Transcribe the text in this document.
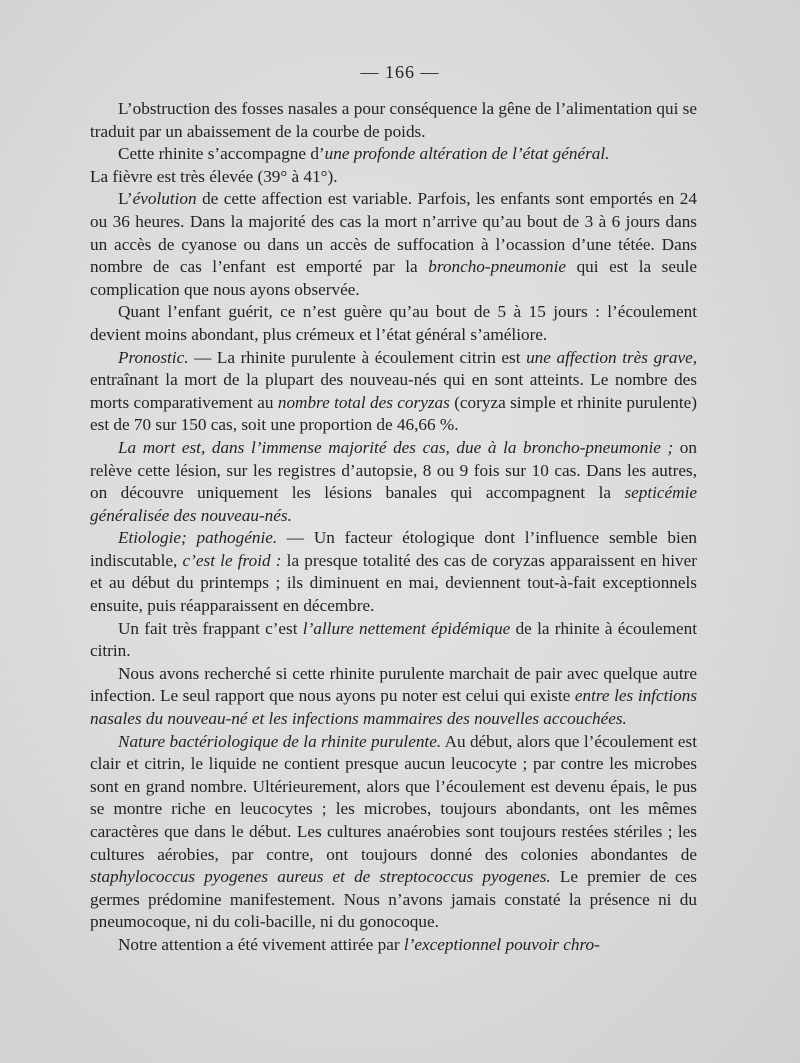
— 166 —

L’obstruction des fosses nasales a pour conséquence la gêne de l’alimentation qui se traduit par un abaissement de la courbe de poids.

Cette rhinite s’accompagne d’une profonde altération de l’état général.

La fièvre est très élevée (39° à 41°).

L’évolution de cette affection est variable. Parfois, les enfants sont emportés en 24 ou 36 heures. Dans la majorité des cas la mort n’arrive qu’au bout de 3 à 6 jours dans un accès de cyanose ou dans un accès de suffocation à l’ocassion d’une tétée. Dans nombre de cas l’enfant est emporté par la broncho-pneumonie qui est la seule complication que nous ayons observée.

Quant l’enfant guérit, ce n’est guère qu’au bout de 5 à 15 jours : l’écoulement devient moins abondant, plus crémeux et l’état général s’améliore.

Pronostic. — La rhinite purulente à écoulement citrin est une affection très grave, entraînant la mort de la plupart des nouveau-nés qui en sont atteints. Le nombre des morts comparativement au nombre total des coryzas (coryza simple et rhinite purulente) est de 70 sur 150 cas, soit une proportion de 46,66 %.

La mort est, dans l’immense majorité des cas, due à la broncho-pneumonie ; on relève cette lésion, sur les registres d’autopsie, 8 ou 9 fois sur 10 cas. Dans les autres, on découvre uniquement les lésions banales qui accompagnent la septicémie généralisée des nouveau-nés.

Etiologie; pathogénie. — Un facteur étologique dont l’influence semble bien indiscutable, c’est le froid : la presque totalité des cas de coryzas apparaissent en hiver et au début du printemps ; ils diminuent en mai, deviennent tout-à-fait exceptionnels ensuite, puis réapparaissent en décembre.

Un fait très frappant c’est l’allure nettement épidémique de la rhinite à écoulement citrin.

Nous avons recherché si cette rhinite purulente marchait de pair avec quelque autre infection. Le seul rapport que nous ayons pu noter est celui qui existe entre les infctions nasales du nouveau-né et les infections mammaires des nouvelles accouchées.

Nature bactériologique de la rhinite purulente. Au début, alors que l’écoulement est clair et citrin, le liquide ne contient presque aucun leucocyte ; par contre les microbes sont en grand nombre. Ultérieurement, alors que l’écoulement est devenu épais, le pus se montre riche en leucocytes ; les microbes, toujours abondants, ont les mêmes caractères que dans le début. Les cultures anaérobies sont toujours restées stériles ; les cultures aérobies, par contre, ont toujours donné des colonies abondantes de staphylococcus pyogenes aureus et de streptococcus pyogenes. Le premier de ces germes prédomine manifestement. Nous n’avons jamais constaté la présence ni du pneumocoque, ni du coli-bacille, ni du gonocoque.

Notre attention a été vivement attirée par l’exceptionnel pouvoir chro-
